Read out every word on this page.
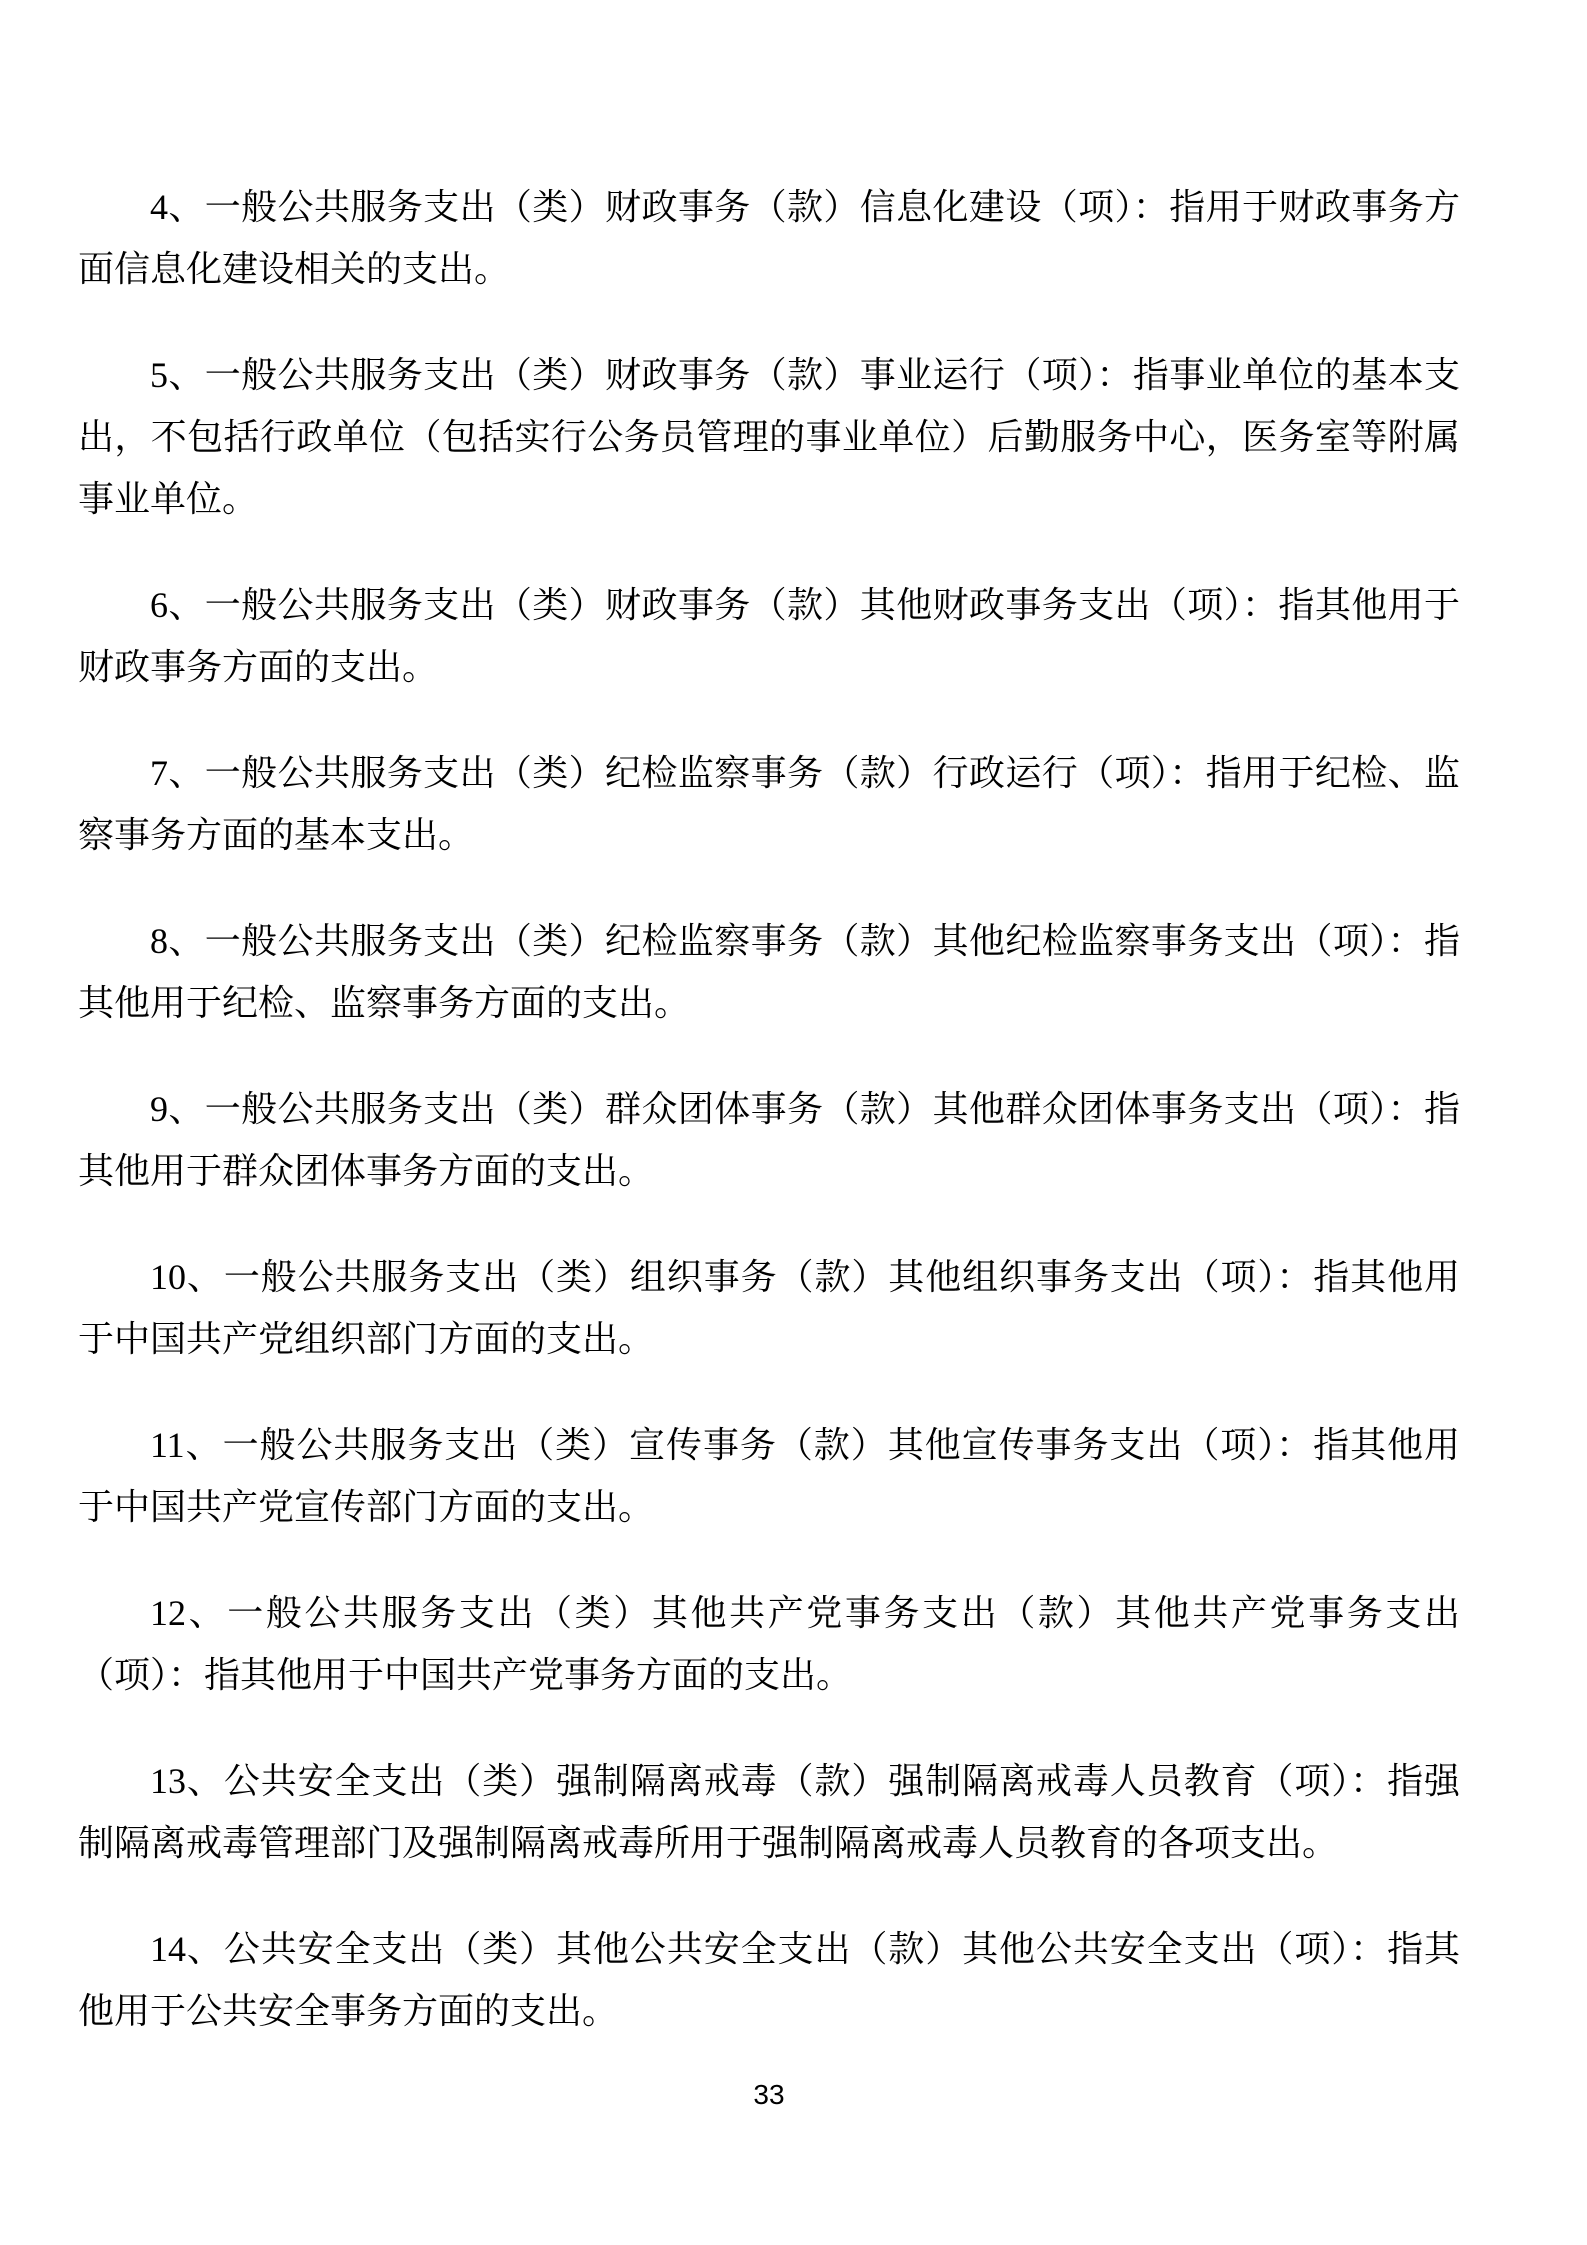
4、一般公共服务支出（类）财政事务（款）信息化建设（项）：指用于财政事务方面信息化建设相关的支出。

5、一般公共服务支出（类）财政事务（款）事业运行（项）：指事业单位的基本支出，不包括行政单位（包括实行公务员管理的事业单位）后勤服务中心，医务室等附属事业单位。

6、一般公共服务支出（类）财政事务（款）其他财政事务支出（项）：指其他用于财政事务方面的支出。

7、一般公共服务支出（类）纪检监察事务（款）行政运行（项）：指用于纪检、监察事务方面的基本支出。

8、一般公共服务支出（类）纪检监察事务（款）其他纪检监察事务支出（项）：指其他用于纪检、监察事务方面的支出。

9、一般公共服务支出（类）群众团体事务（款）其他群众团体事务支出（项）：指其他用于群众团体事务方面的支出。

10、一般公共服务支出（类）组织事务（款）其他组织事务支出（项）：指其他用于中国共产党组织部门方面的支出。

11、一般公共服务支出（类）宣传事务（款）其他宣传事务支出（项）：指其他用于中国共产党宣传部门方面的支出。

12、一般公共服务支出（类）其他共产党事务支出（款）其他共产党事务支出（项）：指其他用于中国共产党事务方面的支出。

13、公共安全支出（类）强制隔离戒毒（款）强制隔离戒毒人员教育（项）：指强制隔离戒毒管理部门及强制隔离戒毒所用于强制隔离戒毒人员教育的各项支出。

14、公共安全支出（类）其他公共安全支出（款）其他公共安全支出（项）：指其他用于公共安全事务方面的支出。

33
